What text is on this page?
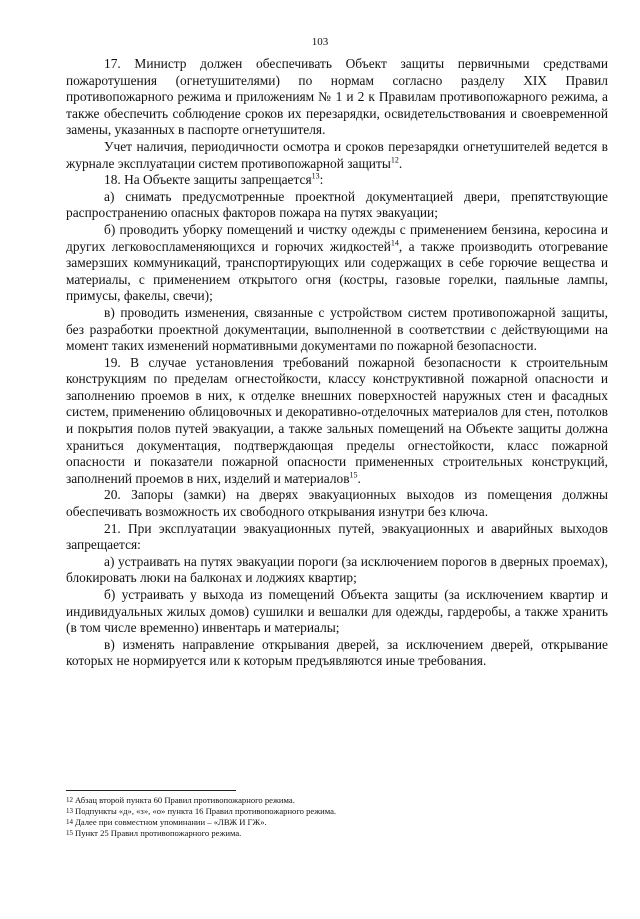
103

17. Министр должен обеспечивать Объект защиты первичными средствами пожаротушения (огнетушителями) по нормам согласно разделу XIX Правил противопожарного режима и приложениям № 1 и 2 к Правилам противопожарного режима, а также обеспечить соблюдение сроков их перезарядки, освидетельствования и своевременной замены, указанных в паспорте огнетушителя.

Учет наличия, периодичности осмотра и сроков перезарядки огнетушителей ведется в журнале эксплуатации систем противопожарной защиты$^{12}$.

18. На Объекте защиты запрещается$^{13}$:

а) снимать предусмотренные проектной документацией двери, препятствующие распространению опасных факторов пожара на путях эвакуации;

б) проводить уборку помещений и чистку одежды с применением бензина, керосина и других легковоспламеняющихся и горючих жидкостей$^{14}$, а также производить отогревание замерзших коммуникаций, транспортирующих или содержащих в себе горючие вещества и материалы, с применением открытого огня (костры, газовые горелки, паяльные лампы, примусы, факелы, свечи);

в) проводить изменения, связанные с устройством систем противопожарной защиты, без разработки проектной документации, выполненной в соответствии с действующими на момент таких изменений нормативными документами по пожарной безопасности.

19. В случае установления требований пожарной безопасности к строительным конструкциям по пределам огнестойкости, классу конструктивной пожарной опасности и заполнению проемов в них, к отделке внешних поверхностей наружных стен и фасадных систем, применению облицовочных и декоративно-отделочных материалов для стен, потолков и покрытия полов путей эвакуации, а также зальных помещений на Объекте защиты должна храниться документация, подтверждающая пределы огнестойкости, класс пожарной опасности и показатели пожарной опасности примененных строительных конструкций, заполнений проемов в них, изделий и материалов$^{15}$.

20. Запоры (замки) на дверях эвакуационных выходов из помещения должны обеспечивать возможность их свободного открывания изнутри без ключа.

21. При эксплуатации эвакуационных путей, эвакуационных и аварийных выходов запрещается:

а) устраивать на путях эвакуации пороги (за исключением порогов в дверных проемах), блокировать люки на балконах и лоджиях квартир;

б) устраивать у выхода из помещений Объекта защиты (за исключением квартир и индивидуальных жилых домов) сушилки и вешалки для одежды, гардеробы, а также хранить (в том числе временно) инвентарь и материалы;

в) изменять направление открывания дверей, за исключением дверей, открывание которых не нормируется или к которым предъявляются иные требования.

12 Абзац второй пункта 60 Правил противопожарного режима.
13 Подпункты «д», «з», «о» пункта 16 Правил противопожарного режима.
14 Далее при совместном упоминании – «ЛВЖ И ГЖ».
15 Пункт 25 Правил противопожарного режима.
